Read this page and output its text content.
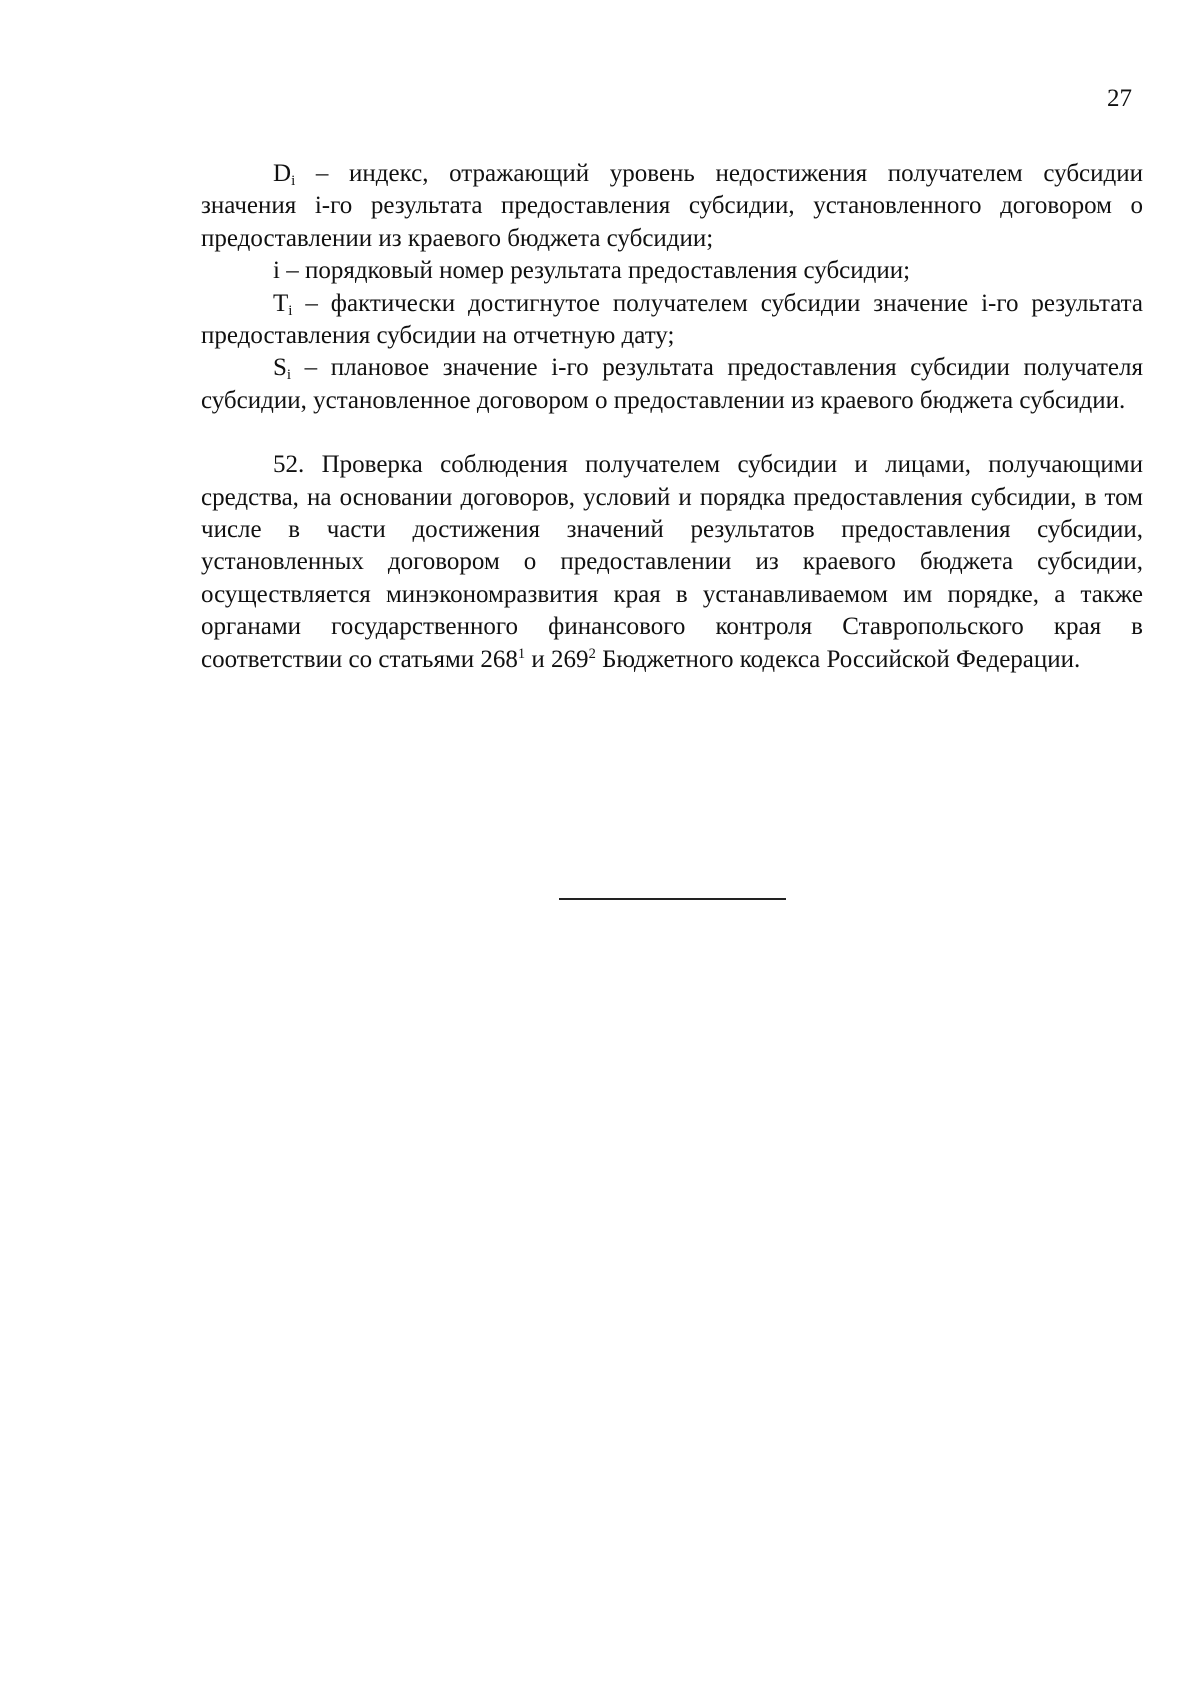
27

$D_i$ – индекс, отражающий уровень недостижения получателем субсидии значения i-го результата предоставления субсидии, установленного договором о предоставлении из краевого бюджета субсидии;

i – порядковый номер результата предоставления субсидии;

$T_i$ – фактически достигнутое получателем субсидии значение i-го результата предоставления субсидии на отчетную дату;

$S_i$ – плановое значение i-го результата предоставления субсидии получателя субсидии, установленное договором о предоставлении из краевого бюджета субсидии.

52. Проверка соблюдения получателем субсидии и лицами, получающими средства, на основании договоров, условий и порядка предоставления субсидии, в том числе в части достижения значений результатов предоставления субсидии, установленных договором о предоставлении из краевого бюджета субсидии, осуществляется минэкономразвития края в устанавливаемом им порядке, а также органами государственного финансового контроля Ставропольского края в соответствии со статьями $268^1$ и $269^2$ Бюджетного кодекса Российской Федерации.
